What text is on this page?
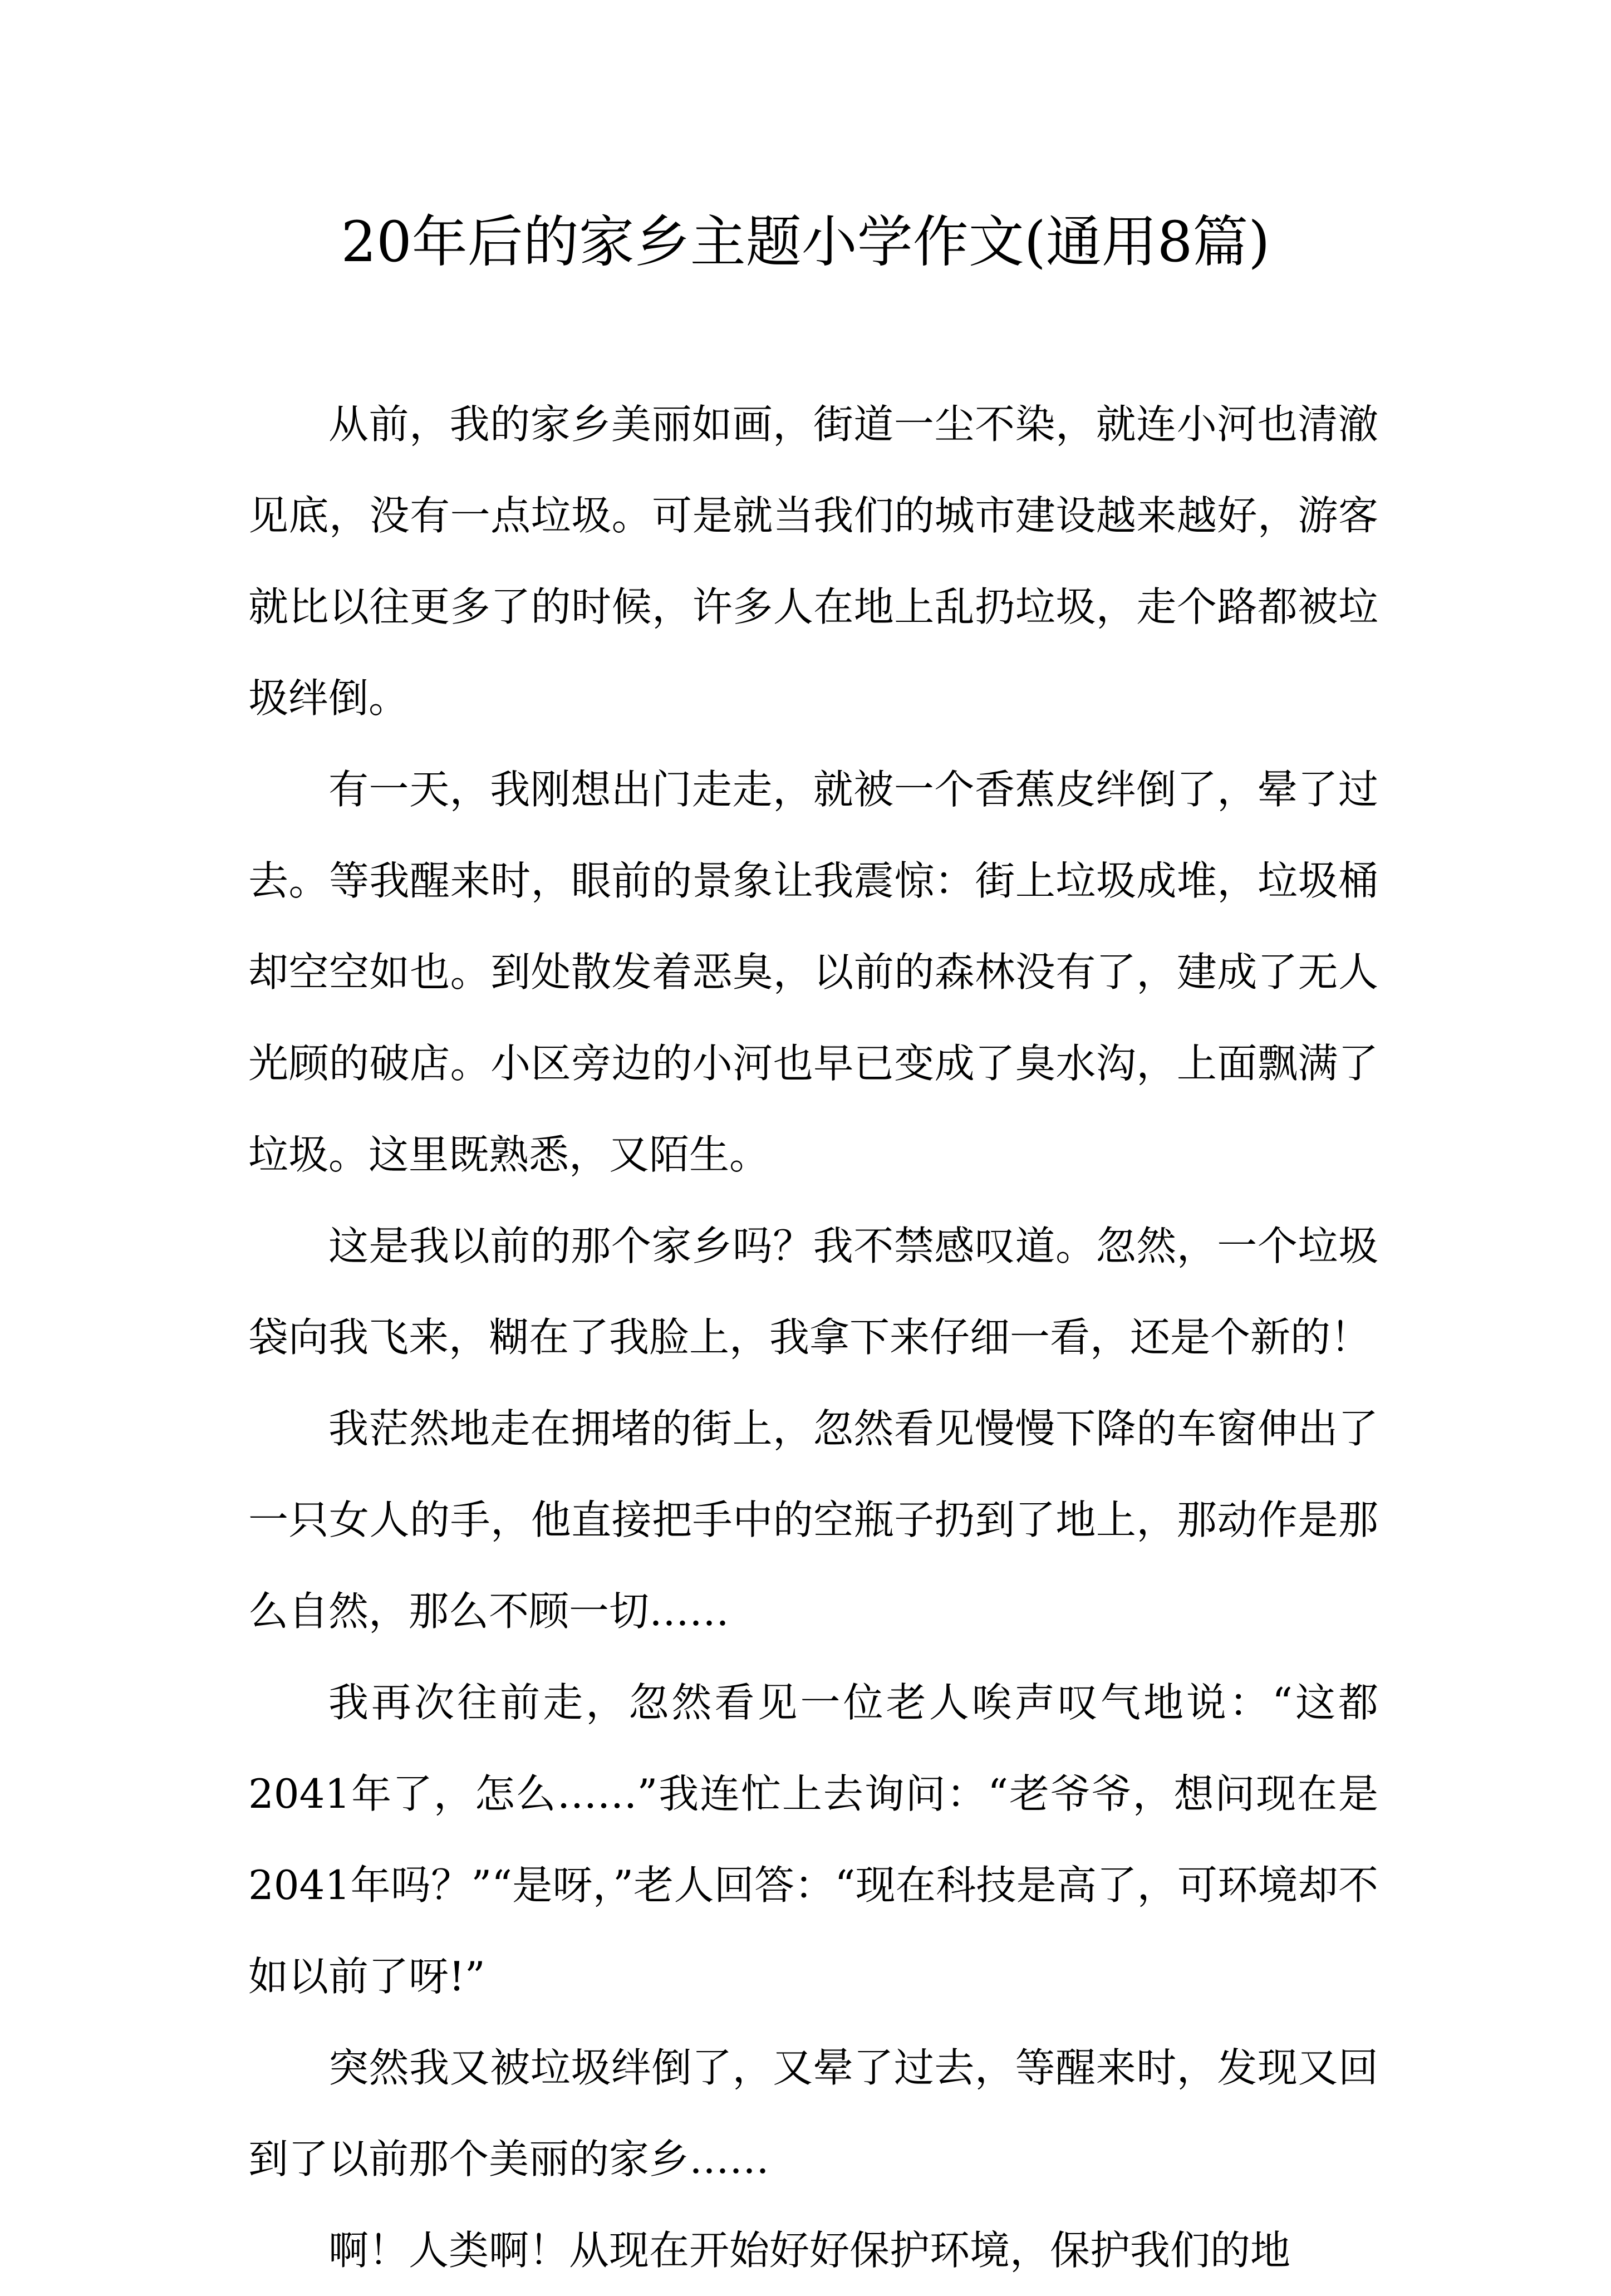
20年后的家乡主题小学作文(通用8篇)

从前，我的家乡美丽如画，街道一尘不染，就连小河也清澈见底，没有一点垃圾。可是就当我们的城市建设越来越好，游客就比以往更多了的时候，许多人在地上乱扔垃圾，走个路都被垃圾绊倒。

有一天，我刚想出门走走，就被一个香蕉皮绊倒了，晕了过去。等我醒来时，眼前的景象让我震惊：街上垃圾成堆，垃圾桶却空空如也。到处散发着恶臭，以前的森林没有了，建成了无人光顾的破店。小区旁边的小河也早已变成了臭水沟，上面飘满了垃圾。这里既熟悉，又陌生。

这是我以前的那个家乡吗？我不禁感叹道。忽然，一个垃圾袋向我飞来，糊在了我脸上，我拿下来仔细一看，还是个新的！

我茫然地走在拥堵的街上，忽然看见慢慢下降的车窗伸出了一只女人的手，他直接把手中的空瓶子扔到了地上，那动作是那么自然，那么不顾一切……

我再次往前走，忽然看见一位老人唉声叹气地说：“这都2041年了，怎么……”我连忙上去询问：“老爷爷，想问现在是2041年吗？”“是呀，”老人回答：“现在科技是高了，可环境却不如以前了呀!”

突然我又被垃圾绊倒了，又晕了过去，等醒来时，发现又回到了以前那个美丽的家乡……

啊！人类啊！从现在开始好好保护环境，保护我们的地
